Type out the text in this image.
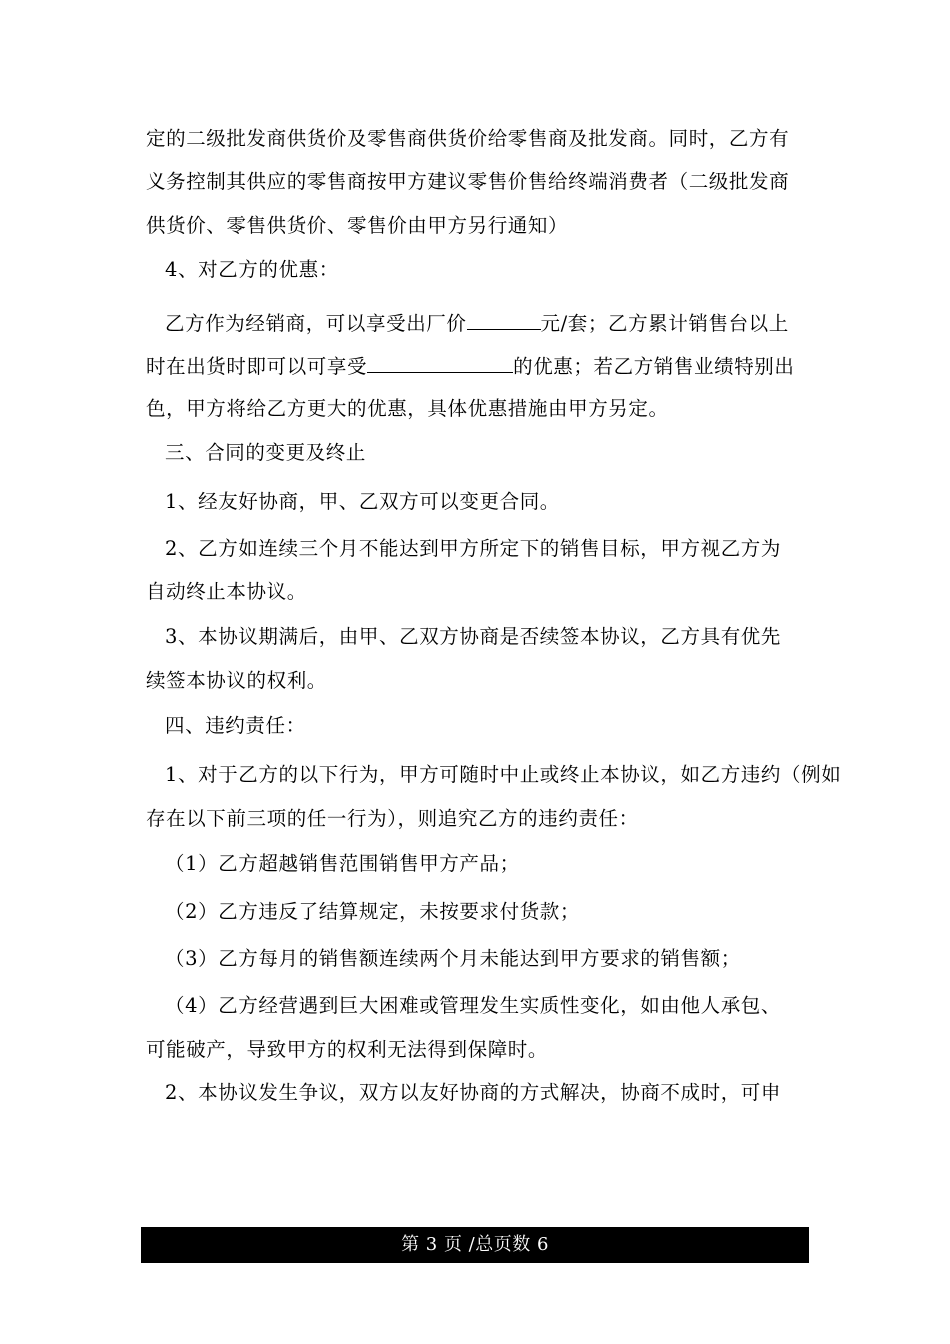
定的二级批发商供货价及零售商供货价给零售商及批发商。同时，乙方有
义务控制其供应的零售商按甲方建议零售价售给终端消费者（二级批发商
供货价、零售供货价、零售价由甲方另行通知）
4、对乙方的优惠：
乙方作为经销商，可以享受出厂价	元/套；乙方累计销售台以上
时在出货时即可以可享受	的优惠；若乙方销售业绩特别出
色，甲方将给乙方更大的优惠，具体优惠措施由甲方另定。
三、合同的变更及终止
1、经友好协商，甲、乙双方可以变更合同。
2、乙方如连续三个月不能达到甲方所定下的销售目标，甲方视乙方为
自动终止本协议。
3、本协议期满后，由甲、乙双方协商是否续签本协议，乙方具有优先
续签本协议的权利。
四、违约责任：
1、对于乙方的以下行为，甲方可随时中止或终止本协议，如乙方违约（例如
存在以下前三项的任一行为），则追究乙方的违约责任：
（1）乙方超越销售范围销售甲方产品；
（2）乙方违反了结算规定，未按要求付货款；
（3）乙方每月的销售额连续两个月未能达到甲方要求的销售额；
（4）乙方经营遇到巨大困难或管理发生实质性变化，如由他人承包、
可能破产，导致甲方的权利无法得到保障时。
2、本协议发生争议，双方以友好协商的方式解决，协商不成时，可申
第 3 页 /总页数 6
